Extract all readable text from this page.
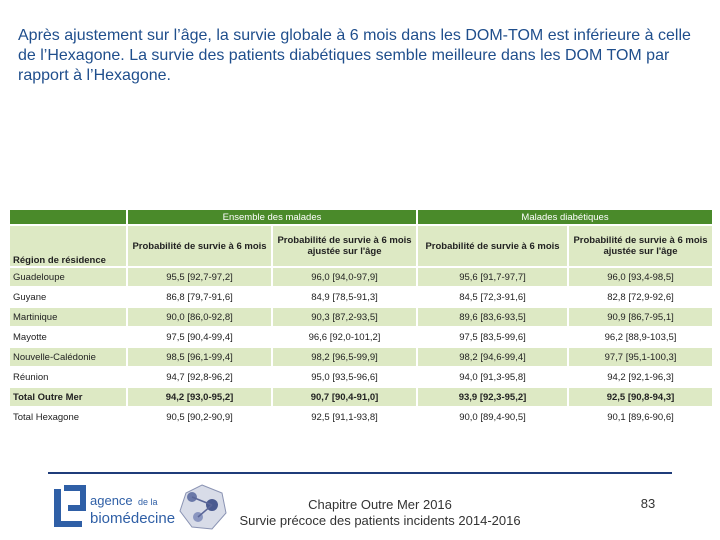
Après ajustement sur l’âge, la survie globale à 6 mois dans les DOM-TOM est inférieure à celle de l’Hexagone. La survie des patients diabétiques semble meilleure dans les DOM TOM par rapport à l’Hexagone.

	Ensemble des malades		Malades diabétiques	
Région de résidence	Probabilité de survie à 6 mois	Probabilité de survie à 6 mois ajustée sur l'âge	Probabilité de survie à 6 mois	Probabilité de survie à 6 mois ajustée sur l'âge
Guadeloupe	95,5 [92,7-97,2]	96,0 [94,0-97,9]	95,6 [91,7-97,7]	96,0 [93,4-98,5]
Guyane	86,8 [79,7-91,6]	84,9 [78,5-91,3]	84,5 [72,3-91,6]	82,8 [72,9-92,6]
Martinique	90,0 [86,0-92,8]	90,3 [87,2-93,5]	89,6 [83,6-93,5]	90,9 [86,7-95,1]
Mayotte	97,5 [90,4-99,4]	96,6 [92,0-101,2]	97,5 [83,5-99,6]	96,2 [88,9-103,5]
Nouvelle-Calédonie	98,5 [96,1-99,4]	98,2 [96,5-99,9]	98,2 [94,6-99,4]	97,7 [95,1-100,3]
Réunion	94,7 [92,8-96,2]	95,0 [93,5-96,6]	94,0 [91,3-95,8]	94,2 [92,1-96,3]
Total Outre Mer	94,2 [93,0-95,2]	90,7 [90,4-91,0]	93,9 [92,3-95,2]	92,5 [90,8-94,3]
Total Hexagone	90,5 [90,2-90,9]	92,5 [91,1-93,8]	90,0 [89,4-90,5]	90,1 [89,6-90,6]
agence de la
biomédecine
Chapitre Outre Mer 2016
Survie précoce des patients incidents 2014-2016
83
